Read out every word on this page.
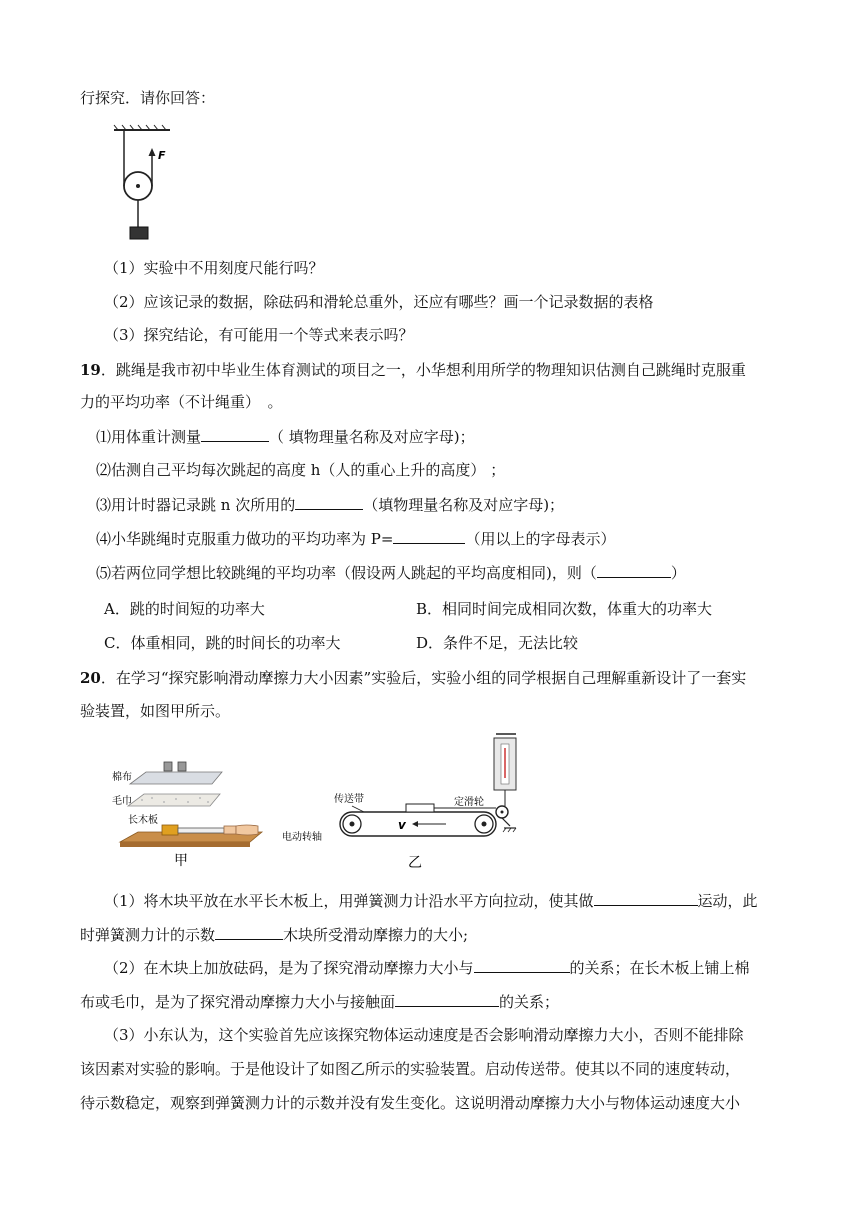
行探究．请你回答：
F
（1）实验中不用刻度尺能行吗？
（2）应该记录的数据，除砝码和滑轮总重外，还应有哪些？画一个记录数据的表格
（3）探究结论，有可能用一个等式来表示吗？
19．跳绳是我市初中毕业生体育测试的项目之一，小华想利用所学的物理知识估测自己跳绳时克服重
力的平均功率（不计绳重）　。
⑴用体重计测量	（ 填物理量名称及对应字母)；
⑵估测自己平均每次跳起的高度 h（人的重心上升的高度） ；
⑶用计时器记录跳 n 次所用的	（填物理量名称及对应字母)；
⑷小华跳绳时克服重力做功的平均功率为 P=	（用以上的字母表示）
⑸若两位同学想比较跳绳的平均功率（假设两人跳起的平均高度相同)，则（	）
A．跳的时间短的功率大	B．相同时间完成相同次数，体重大的功率大
C．体重相同，跳的时间长的功率大	D．条件不足，无法比较
20．在学习“探究影响滑动摩擦力大小因素”实验后，实验小组的同学根据自己理解重新设计了一套实
验装置，如图甲所示。
棉布
毛巾
长木板
甲
定滑轮
传送带
v
电动转轴
乙
（1）将木块平放在水平长木板上，用弹簧测力计沿水平方向拉动，使其做	运动，此
时弹簧测力计的示数	木块所受滑动摩擦力的大小;
（2）在木块上加放砝码，是为了探究滑动摩擦力大小与	的关系；在长木板上铺上棉
布或毛巾，是为了探究滑动摩擦力大小与接触面	的关系；
（3）小东认为，这个实验首先应该探究物体运动速度是否会影响滑动摩擦力大小，否则不能排除
该因素对实验的影响。于是他设计了如图乙所示的实验装置。启动传送带。使其以不同的速度转动，
待示数稳定，观察到弹簧测力计的示数并没有发生变化。这说明滑动摩擦力大小与物体运动速度大小
